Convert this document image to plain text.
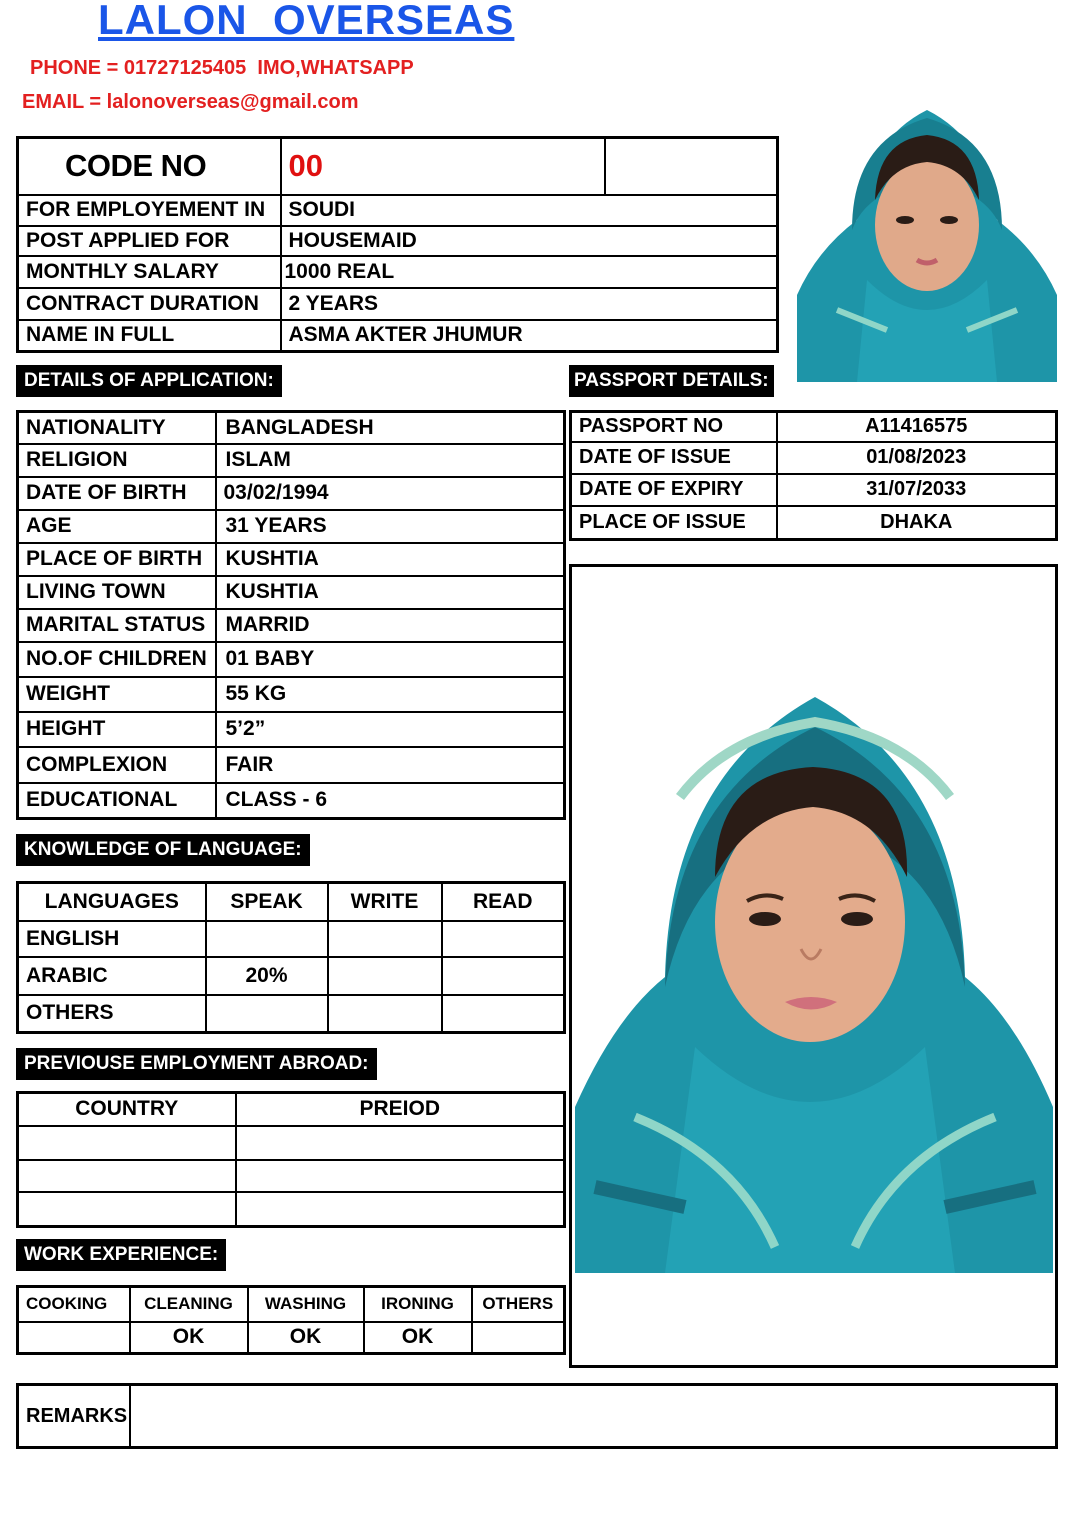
LALON  OVERSEAS
PHONE = 01727125405  IMO,WHATSAPP
EMAIL = lalonoverseas@gmail.com
CODE NO	00	
FOR EMPLOYEMENT IN	SOUDI	
POST APPLIED FOR	HOUSEMAID	
MONTHLY SALARY	1000 REAL	
CONTRACT DURATION	2 YEARS	
NAME IN FULL	ASMA AKTER JHUMUR	
DETAILS OF APPLICATION:
NATIONALITY	BANGLADESH
RELIGION	ISLAM
DATE OF BIRTH	03/02/1994
AGE	31 YEARS
PLACE OF BIRTH	KUSHTIA
LIVING TOWN	KUSHTIA
MARITAL STATUS	MARRID
NO.OF CHILDREN	01 BABY
WEIGHT	55 KG
HEIGHT	5’2”
COMPLEXION	FAIR
EDUCATIONAL	CLASS - 6
PASSPORT DETAILS:
PASSPORT NO	A11416575
DATE OF ISSUE	01/08/2023
DATE OF EXPIRY	31/07/2033
PLACE OF ISSUE	DHAKA
KNOWLEDGE OF LANGUAGE:
LANGUAGES	SPEAK	WRITE	READ
ENGLISH			
ARABIC	20%		
OTHERS			
PREVIOUSE EMPLOYMENT ABROAD:
COUNTRY	PREIOD

WORK EXPERIENCE:
COOKING	CLEANING	WASHING	IRONING	OTHERS
	OK	OK	OK	
REMARKS	
